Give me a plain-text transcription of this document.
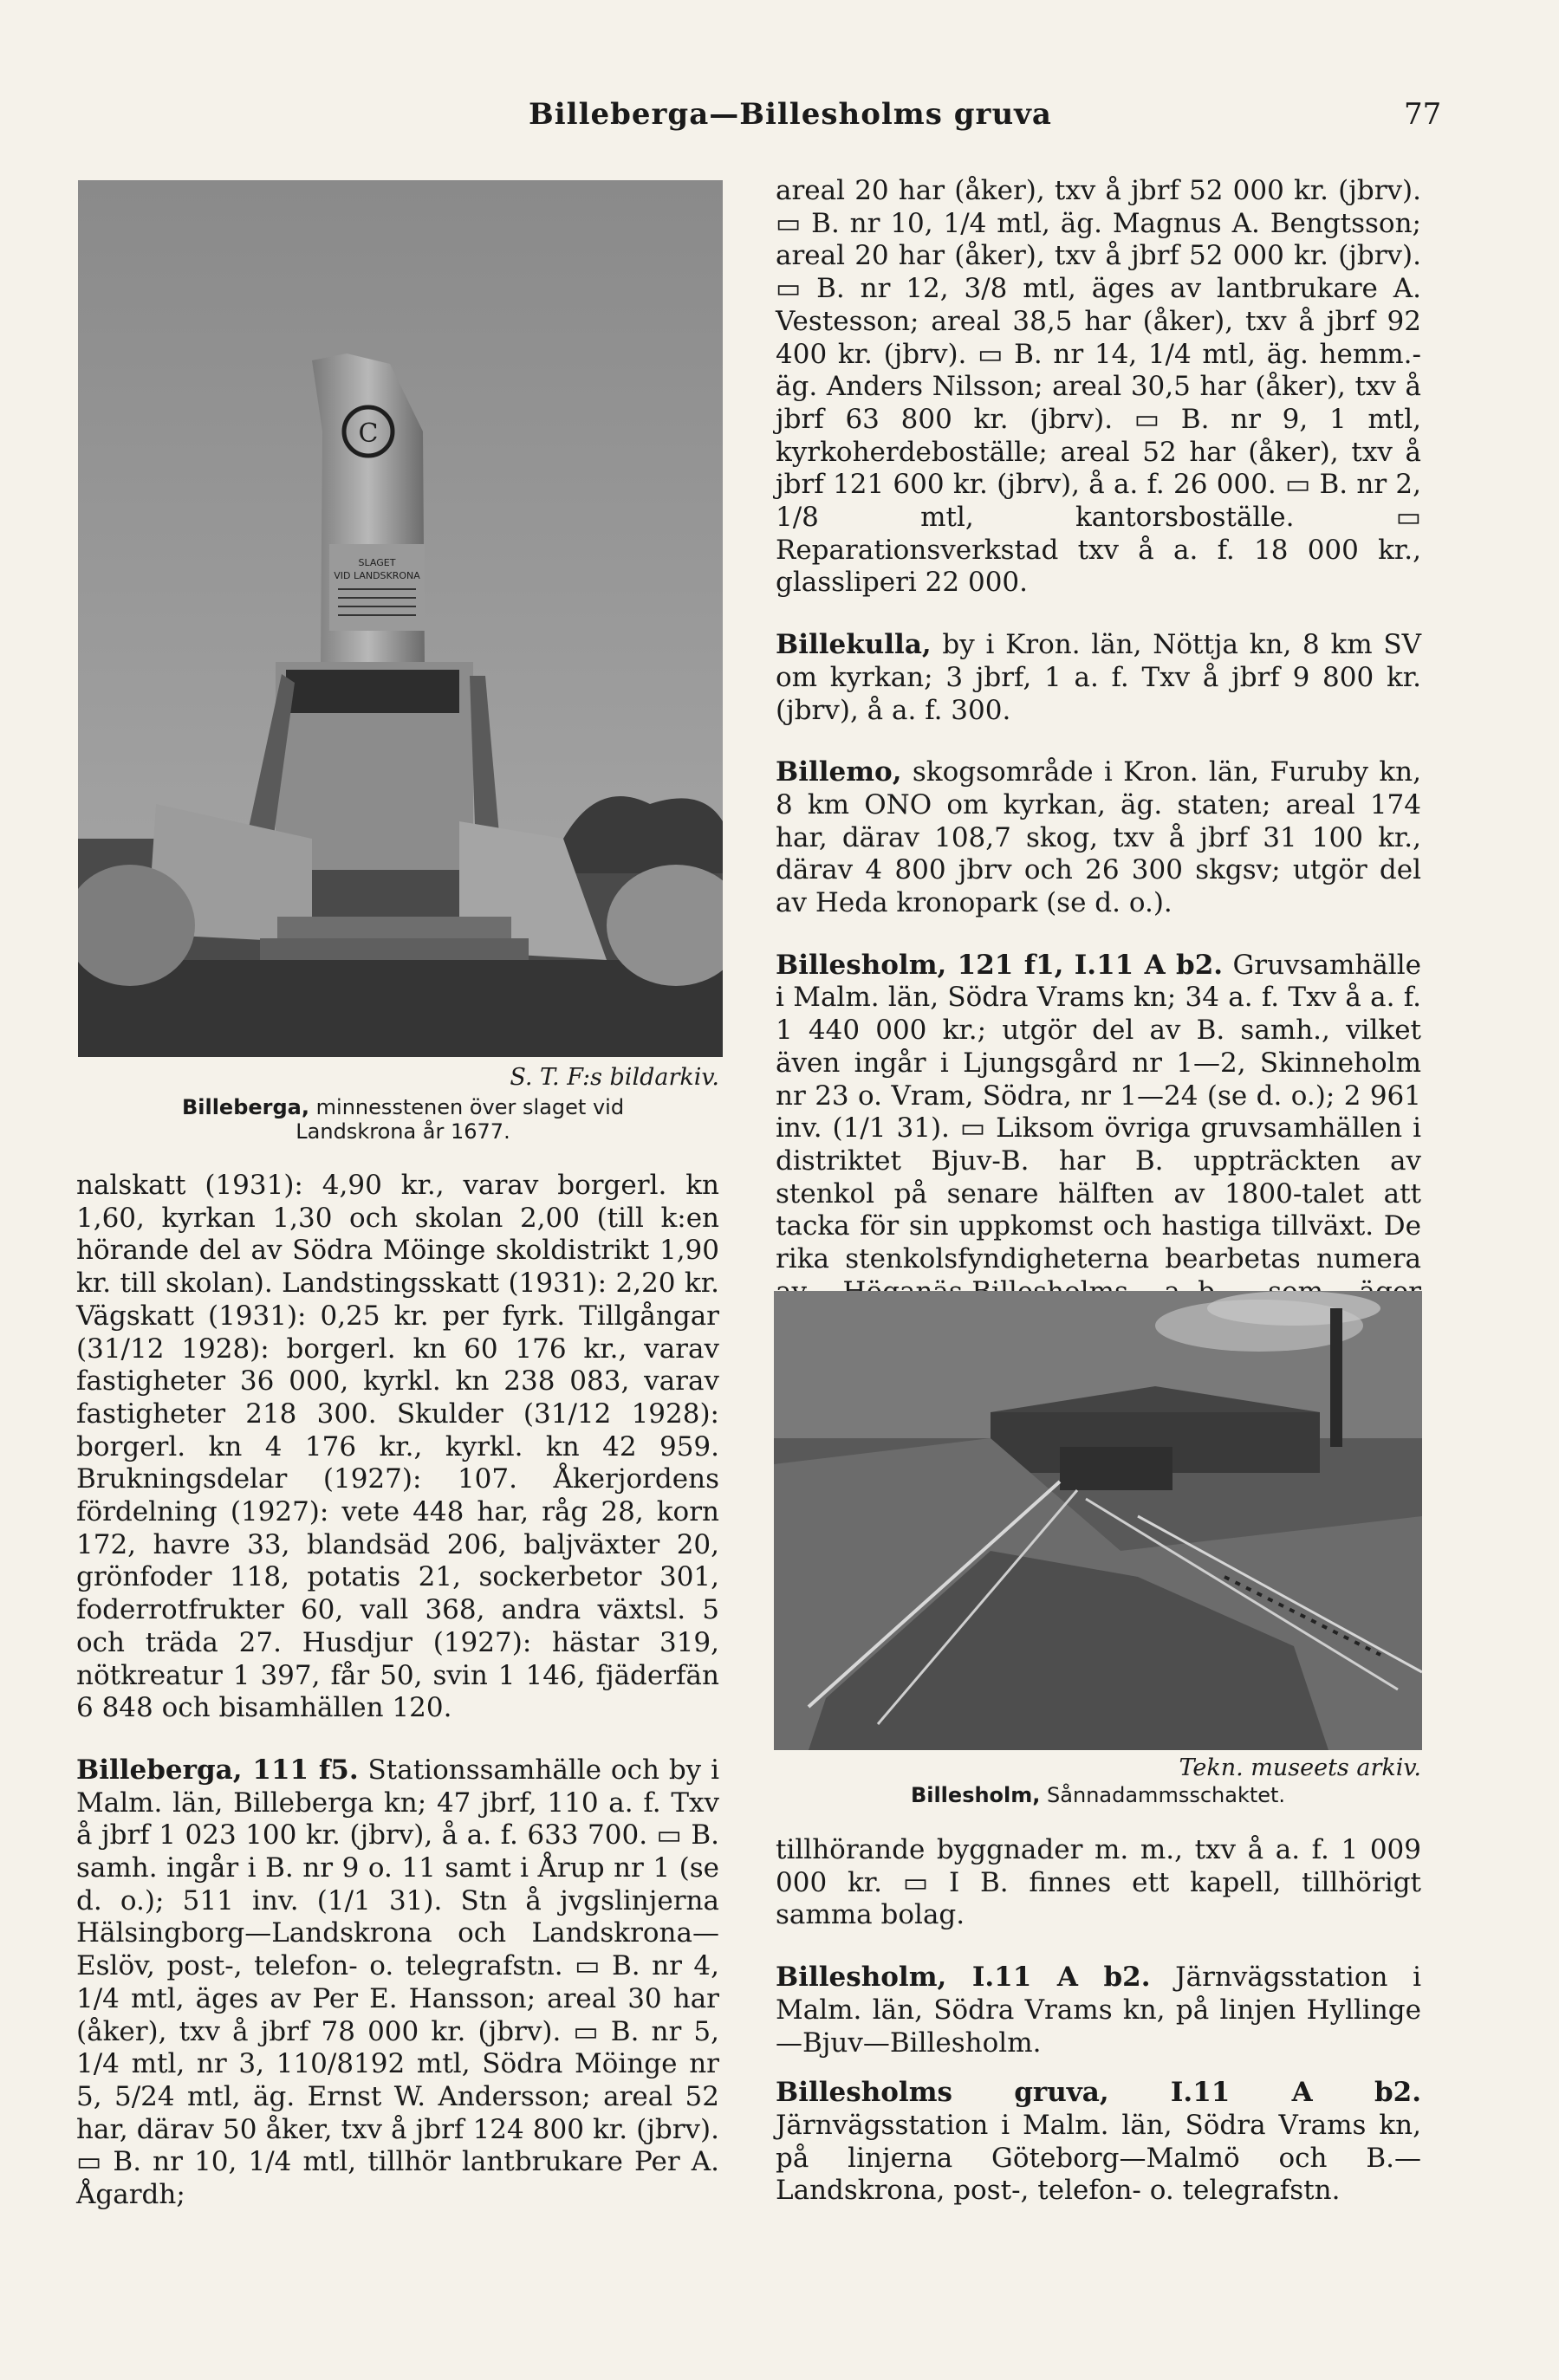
Billeberga—Billesholms gruva	77
C
SLAGET
VID LANDSKRONA
S. T. F:s bildarkiv.
Billeberga, minnesstenen över slaget vid Landskrona år 1677.

nalskatt (1931): 4,90 kr., varav borgerl. kn 1,60, kyrkan 1,30 och skolan 2,00 (till k:en hörande del av Södra Möinge skoldistrikt 1,90 kr. till skolan). Landstingsskatt (1931): 2,20 kr. Vägskatt (1931): 0,25 kr. per fyrk. Tillgångar (31/12 1928): borgerl. kn 60 176 kr., varav fastigheter 36 000, kyrkl. kn 238 083, varav fastigheter 218 300. Skulder (31/12 1928): borgerl. kn 4 176 kr., kyrkl. kn 42 959. Brukningsdelar (1927): 107. Åkerjordens fördelning (1927): vete 448 har, råg 28, korn 172, havre 33, blandsäd 206, baljväxter 20, grönfoder 118, potatis 21, sockerbetor 301, foderrotfrukter 60, vall 368, andra växtsl. 5 och träda 27. Husdjur (1927): hästar 319, nötkreatur 1 397, får 50, svin 1 146, fjäderfän 6 848 och bisamhällen 120.

Billeberga, 111 f5. Stationssamhälle och by i Malm. län, Billeberga kn; 47 jbrf, 110 a. f. Txv å jbrf 1 023 100 kr. (jbrv), å a. f. 633 700. ▭ B. samh. ingår i B. nr 9 o. 11 samt i Årup nr 1 (se d. o.); 511 inv. (1/1 31). Stn å jvgslinjerna Hälsingborg—Landskrona och Landskrona—Eslöv, post-, telefon- o. telegrafstn. ▭ B. nr 4, 1/4 mtl, äges av Per E. Hansson; areal 30 har (åker), txv å jbrf 78 000 kr. (jbrv). ▭ B. nr 5, 1/4 mtl, nr 3, 110/8192 mtl, Södra Möinge nr 5, 5/24 mtl, äg. Ernst W. Andersson; areal 52 har, därav 50 åker, txv å jbrf 124 800 kr. (jbrv). ▭ B. nr 10, 1/4 mtl, tillhör lantbrukare Per A. Ågardh;

areal 20 har (åker), txv å jbrf 52 000 kr. (jbrv). ▭ B. nr 10, 1/4 mtl, äg. Magnus A. Bengtsson; areal 20 har (åker), txv å jbrf 52 000 kr. (jbrv). ▭ B. nr 12, 3/8 mtl, äges av lantbrukare A. Vestesson; areal 38,5 har (åker), txv å jbrf 92 400 kr. (jbrv). ▭ B. nr 14, 1/4 mtl, äg. hemm.-äg. Anders Nilsson; areal 30,5 har (åker), txv å jbrf 63 800 kr. (jbrv). ▭ B. nr 9, 1 mtl, kyrkoherdeboställe; areal 52 har (åker), txv å jbrf 121 600 kr. (jbrv), å a. f. 26 000. ▭ B. nr 2, 1/8 mtl, kantorsboställe. ▭ Reparationsverkstad txv å a. f. 18 000 kr., glassliperi 22 000.

Billekulla, by i Kron. län, Nöttja kn, 8 km SV om kyrkan; 3 jbrf, 1 a. f. Txv å jbrf 9 800 kr. (jbrv), å a. f. 300.

Billemo, skogsområde i Kron. län, Furuby kn, 8 km ONO om kyrkan, äg. staten; areal 174 har, därav 108,7 skog, txv å jbrf 31 100 kr., därav 4 800 jbrv och 26 300 skgsv; utgör del av Heda kronopark (se d. o.).

Billesholm, 121 f1, I.11 A b2. Gruvsamhälle i Malm. län, Södra Vrams kn; 34 a. f. Txv å a. f. 1 440 000 kr.; utgör del av B. samh., vilket även ingår i Ljungsgård nr 1—2, Skinneholm nr 23 o. Vram, Södra, nr 1—24 (se d. o.); 2 961 inv. (1/1 31). ▭ Liksom övriga gruvsamhällen i distriktet Bjuv-B. har B. uppträckten av stenkol på senare hälften av 1800-talet att tacka för sin uppkomst och hastiga tillväxt. De rika stenkolsfyndigheterna bearbetas numera

Tekn. museets arkiv.
Billesholm, Sånnadammsschaktet.

tillhörande byggnader m. m., txv å a. f. 1 009 000 kr. ▭ I B. finnes ett kapell, tillhörigt samma bolag.

Billesholm, I.11 A b2. Järnvägsstation i Malm. län, Södra Vrams kn, på linjen Hyllinge—Bjuv—Billesholm.

Billesholms gruva, I.11 A b2. Järnvägsstation i Malm. län, Södra Vrams kn, på linjerna Göteborg—Malmö och B.—Landskrona, post-, telefon- o. telegrafstn.
